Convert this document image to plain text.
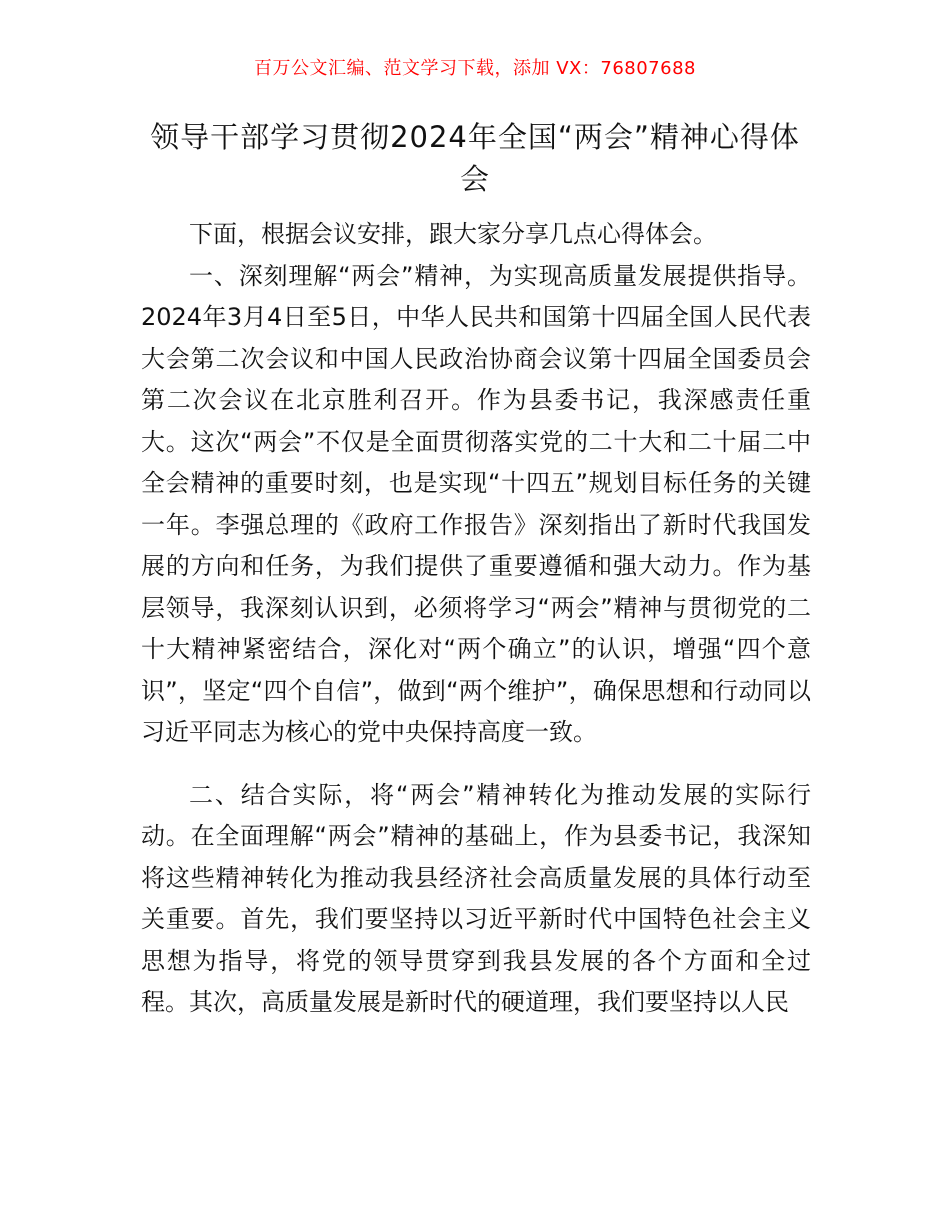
百万公文汇编、范文学习下载，添加 VX：76807688
领导干部学习贯彻2024年全国“两会”精神心得体会

下面，根据会议安排，跟大家分享几点心得体会。

一、深刻理解“两会”精神，为实现高质量发展提供指导。2024年3月4日至5日，中华人民共和国第十四届全国人民代表大会第二次会议和中国人民政治协商会议第十四届全国委员会第二次会议在北京胜利召开。作为县委书记，我深感责任重大。这次“两会”不仅是全面贯彻落实党的二十大和二十届二中全会精神的重要时刻，也是实现“十四五”规划目标任务的关键一年。李强总理的《政府工作报告》深刻指出了新时代我国发展的方向和任务，为我们提供了重要遵循和强大动力。作为基层领导，我深刻认识到，必须将学习“两会”精神与贯彻党的二十大精神紧密结合，深化对“两个确立”的认识，增强“四个意识”，坚定“四个自信”，做到“两个维护”，确保思想和行动同以习近平同志为核心的党中央保持高度一致。

二、结合实际，将“两会”精神转化为推动发展的实际行动。在全面理解“两会”精神的基础上，作为县委书记，我深知将这些精神转化为推动我县经济社会高质量发展的具体行动至关重要。首先，我们要坚持以习近平新时代中国特色社会主义思想为指导，将党的领导贯穿到我县发展的各个方面和全过程。其次，高质量发展是新时代的硬道理，我们要坚持以人民
